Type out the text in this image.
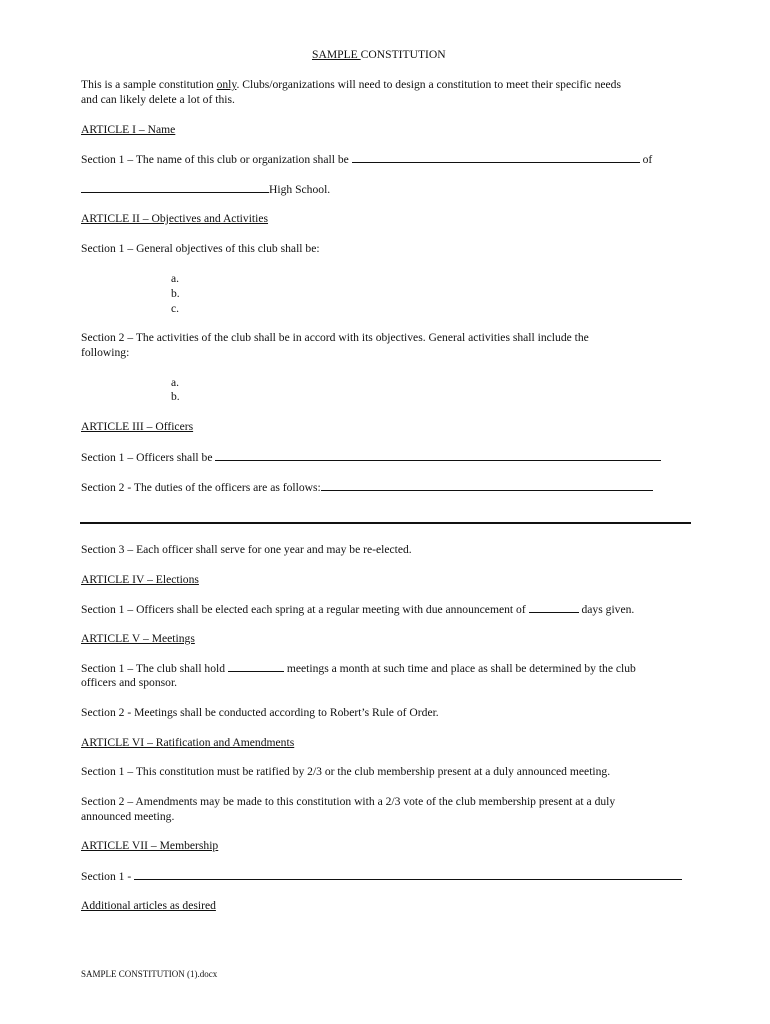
SAMPLE CONSTITUTION
This is a sample constitution only. Clubs/organizations will need to design a constitution to meet their specific needs
and can likely delete a lot of this.
ARTICLE I – Name
Section 1 – The name of this club or organization shall be	of
High School.
ARTICLE II – Objectives and Activities
Section 1 – General objectives of this club shall be:
a.
b.
c.
Section 2 – The activities of the club shall be in accord with its objectives. General activities shall include the
following:
a.
b.
ARTICLE III – Officers
Section 1 – Officers shall be
Section 2 - The duties of the officers are as follows:
Section 3 – Each officer shall serve for one year and may be re-elected.
ARTICLE IV – Elections
Section 1 – Officers shall be elected each spring at a regular meeting with due announcement of	days given.
ARTICLE V – Meetings
Section 1 – The club shall hold	meetings a month at such time and place as shall be determined by the club
officers and sponsor.
Section 2 - Meetings shall be conducted according to Robert’s Rule of Order.
ARTICLE VI – Ratification and Amendments
Section 1 – This constitution must be ratified by 2/3 or the club membership present at a duly announced meeting.
Section 2 – Amendments may be made to this constitution with a 2/3 vote of the club membership present at a duly
announced meeting.
ARTICLE VII – Membership
Section 1 -
Additional articles as desired
SAMPLE CONSTITUTION (1).docx
